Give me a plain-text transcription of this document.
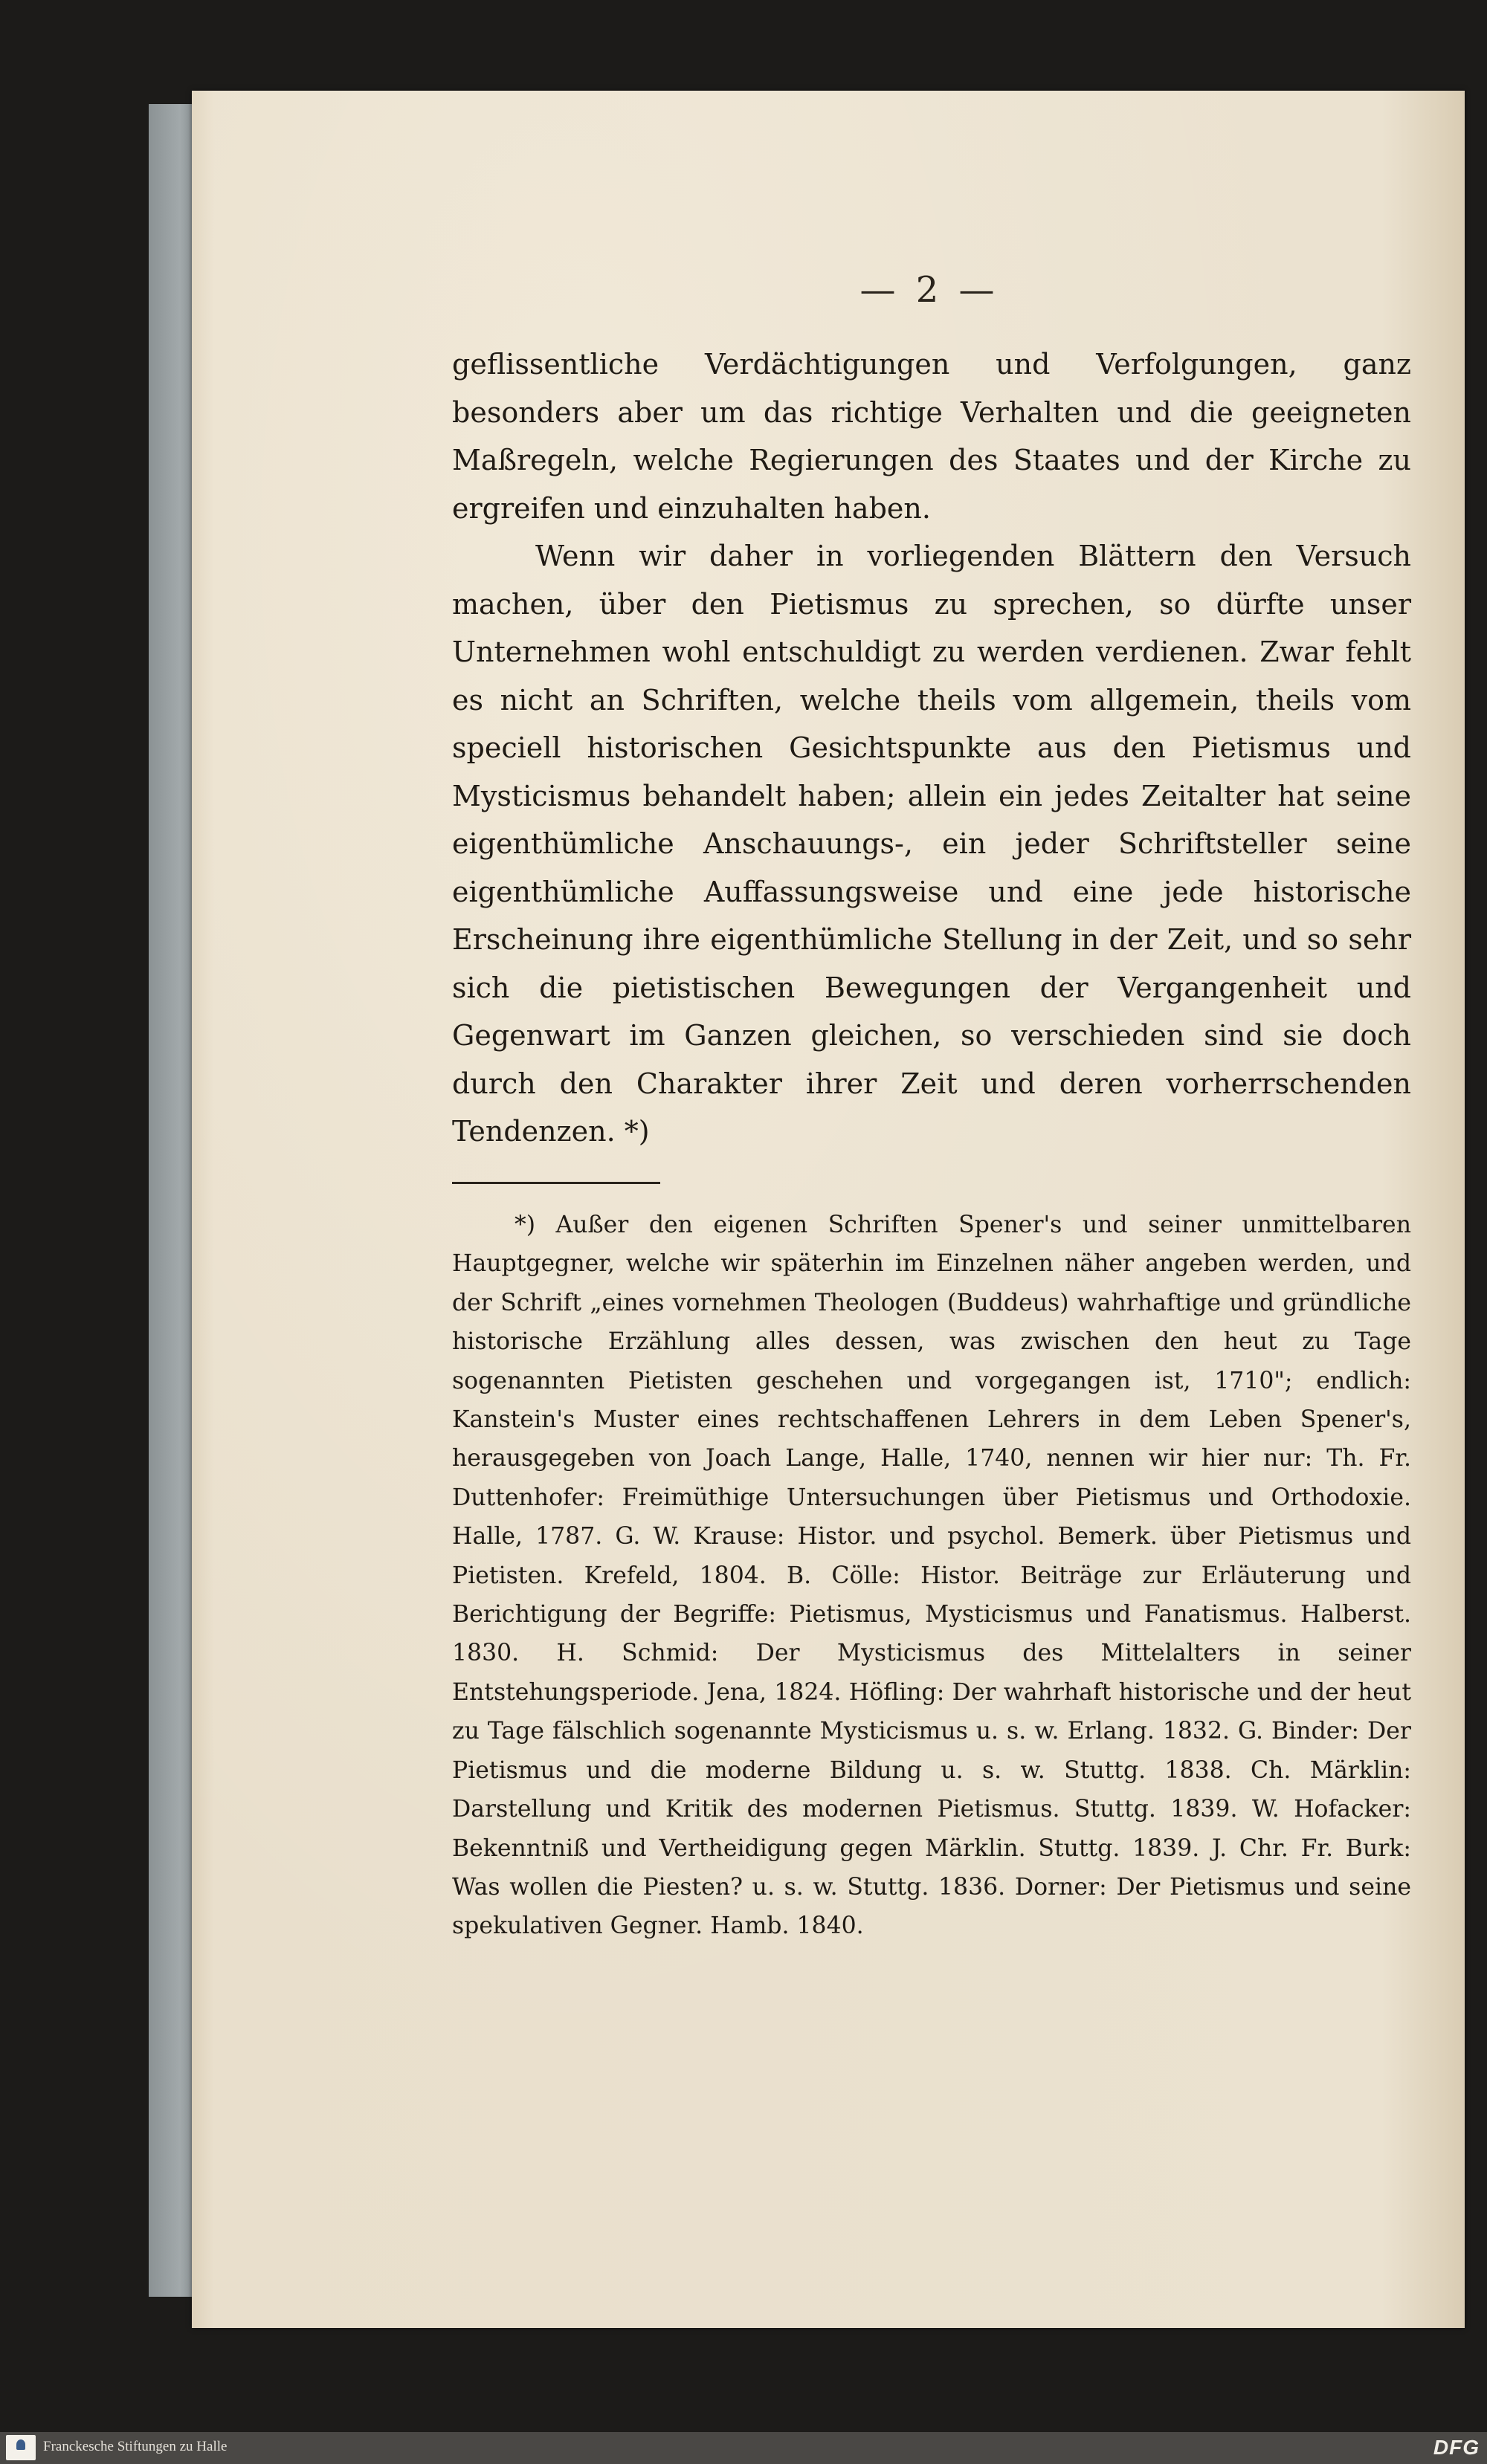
— 2 —

geflissentliche Verdächtigungen und Verfolgungen, ganz besonders aber um das richtige Verhalten und die geeigneten Maßregeln, welche Regierungen des Staates und der Kirche zu ergreifen und einzuhalten haben.

Wenn wir daher in vorliegenden Blättern den Versuch machen, über den Pietismus zu sprechen, so dürfte unser Unternehmen wohl entschuldigt zu werden verdienen. Zwar fehlt es nicht an Schriften, welche theils vom allgemein, theils vom speciell historischen Gesichtspunkte aus den Pietismus und Mysticismus behandelt haben; allein ein jedes Zeitalter hat seine eigenthümliche Anschauungs-, ein jeder Schriftsteller seine eigenthümliche Auffassungsweise und eine jede historische Erscheinung ihre eigenthümliche Stellung in der Zeit, und so sehr sich die pietistischen Bewegungen der Vergangenheit und Gegenwart im Ganzen gleichen, so verschieden sind sie doch durch den Charakter ihrer Zeit und deren vorherrschenden Tendenzen. *)

*) Außer den eigenen Schriften Spener's und seiner unmittelbaren Hauptgegner, welche wir späterhin im Einzelnen näher angeben werden, und der Schrift „eines vornehmen Theologen (Buddeus) wahrhaftige und gründliche historische Erzählung alles dessen, was zwischen den heut zu Tage sogenannten Pietisten geschehen und vorgegangen ist, 1710"; endlich: Kanstein's Muster eines rechtschaffenen Lehrers in dem Leben Spener's, herausgegeben von Joach Lange, Halle, 1740, nennen wir hier nur: Th. Fr. Duttenhofer: Freimüthige Untersuchungen über Pietismus und Orthodoxie. Halle, 1787. G. W. Krause: Histor. und psychol. Bemerk. über Pietismus und Pietisten. Krefeld, 1804. B. Cölle: Histor. Beiträge zur Erläuterung und Berichtigung der Begriffe: Pietismus, Mysticismus und Fanatismus. Halberst. 1830. H. Schmid: Der Mysticismus des Mittelalters in seiner Entstehungsperiode. Jena, 1824. Höfling: Der wahrhaft historische und der heut zu Tage fälschlich sogenannte Mysticismus u. s. w. Erlang. 1832. G. Binder: Der Pietismus und die moderne Bildung u. s. w. Stuttg. 1838. Ch. Märklin: Darstellung und Kritik des modernen Pietismus. Stuttg. 1839. W. Hofacker: Bekenntniß und Vertheidigung gegen Märklin. Stuttg. 1839. J. Chr. Fr. Burk: Was wollen die Piesten? u. s. w. Stuttg. 1836. Dorner: Der Pietismus und seine spekulativen Gegner. Hamb. 1840.

Franckesche Stiftungen zu Halle	DFG
